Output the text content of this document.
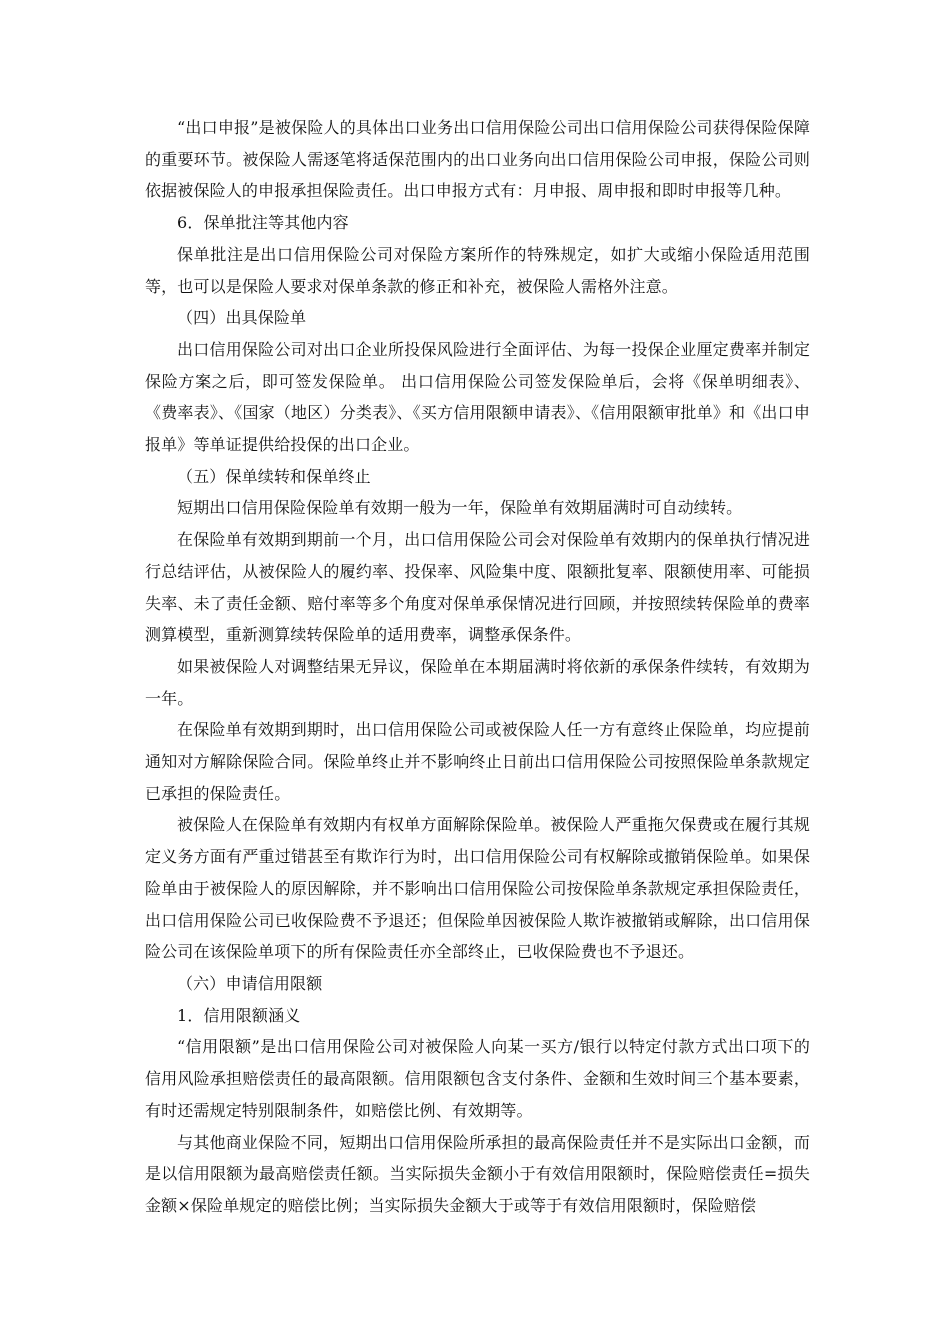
“出口申报”是被保险人的具体出口业务出口信用保险公司出口信用保险公司获得保险保障的重要环节。被保险人需逐笔将适保范围内的出口业务向出口信用保险公司申报，保险公司则依据被保险人的申报承担保险责任。出口申报方式有：月申报、周申报和即时申报等几种。

6．保单批注等其他内容

保单批注是出口信用保险公司对保险方案所作的特殊规定，如扩大或缩小保险适用范围等，也可以是保险人要求对保单条款的修正和补充，被保险人需格外注意。

（四）出具保险单

出口信用保险公司对出口企业所投保风险进行全面评估、为每一投保企业厘定费率并制定保险方案之后，即可签发保险单。 出口信用保险公司签发保险单后，会将《保单明细表》、《费率表》、《国家（地区）分类表》、《买方信用限额申请表》、《信用限额审批单》和《出口申报单》等单证提供给投保的出口企业。

（五）保单续转和保单终止

短期出口信用保险保险单有效期一般为一年，保险单有效期届满时可自动续转。

在保险单有效期到期前一个月，出口信用保险公司会对保险单有效期内的保单执行情况进行总结评估，从被保险人的履约率、投保率、风险集中度、限额批复率、限额使用率、可能损失率、未了责任金额、赔付率等多个角度对保单承保情况进行回顾，并按照续转保险单的费率测算模型，重新测算续转保险单的适用费率，调整承保条件。

如果被保险人对调整结果无异议，保险单在本期届满时将依新的承保条件续转，有效期为一年。

在保险单有效期到期时，出口信用保险公司或被保险人任一方有意终止保险单，均应提前通知对方解除保险合同。保险单终止并不影响终止日前出口信用保险公司按照保险单条款规定已承担的保险责任。

被保险人在保险单有效期内有权单方面解除保险单。被保险人严重拖欠保费或在履行其规定义务方面有严重过错甚至有欺诈行为时，出口信用保险公司有权解除或撤销保险单。如果保险单由于被保险人的原因解除，并不影响出口信用保险公司按保险单条款规定承担保险责任，出口信用保险公司已收保险费不予退还；但保险单因被保险人欺诈被撤销或解除，出口信用保险公司在该保险单项下的所有保险责任亦全部终止，已收保险费也不予退还。

（六）申请信用限额

1．信用限额涵义

“信用限额”是出口信用保险公司对被保险人向某一买方/银行以特定付款方式出口项下的信用风险承担赔偿责任的最高限额。信用限额包含支付条件、金额和生效时间三个基本要素，有时还需规定特别限制条件，如赔偿比例、有效期等。

与其他商业保险不同，短期出口信用保险所承担的最高保险责任并不是实际出口金额，而是以信用限额为最高赔偿责任额。当实际损失金额小于有效信用限额时，保险赔偿责任=损失金额×保险单规定的赔偿比例；当实际损失金额大于或等于有效信用限额时，保险赔偿
